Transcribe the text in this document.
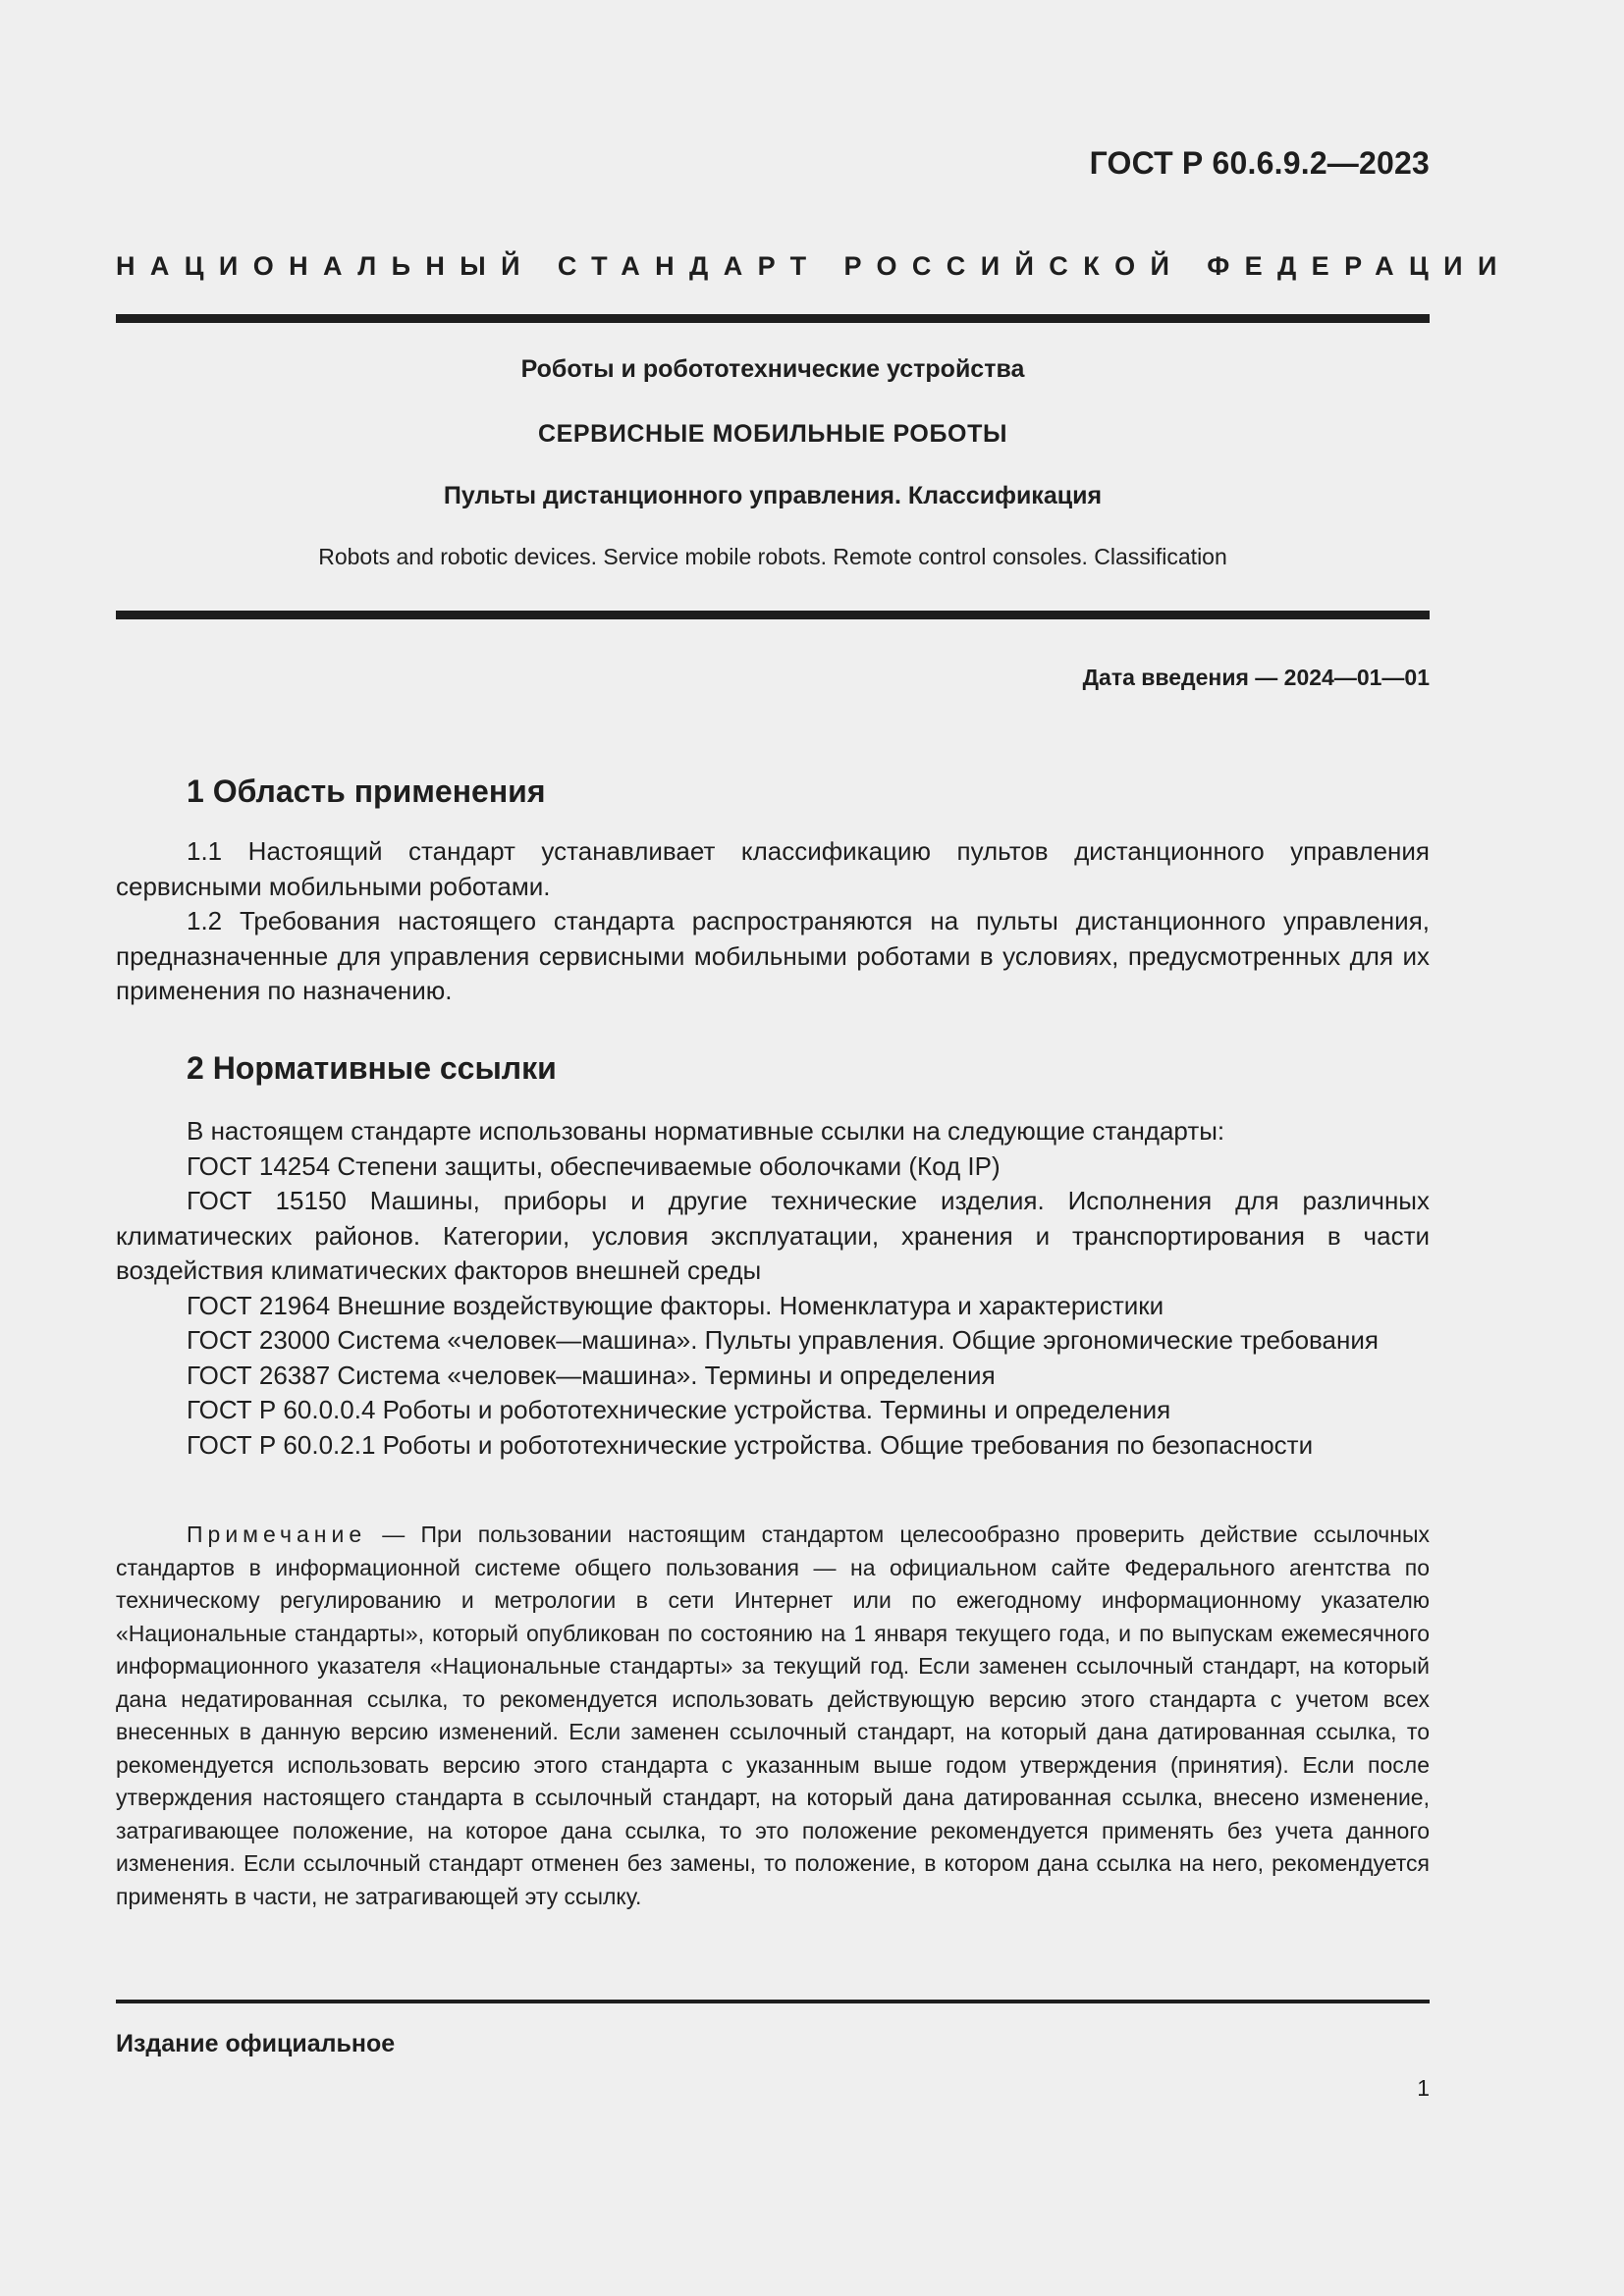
ГОСТ Р 60.6.9.2—2023
НАЦИОНАЛЬНЫЙ СТАНДАРТ РОССИЙСКОЙ ФЕДЕРАЦИИ
Роботы и робототехнические устройства
СЕРВИСНЫЕ МОБИЛЬНЫЕ РОБОТЫ
Пульты дистанционного управления. Классификация
Robots and robotic devices. Service mobile robots. Remote control consoles. Classification
Дата введения — 2024—01—01
1 Область применения

1.1 Настоящий стандарт устанавливает классификацию пультов дистанционного управления сервисными мобильными роботами.

1.2 Требования настоящего стандарта распространяются на пульты дистанционного управления, предназначенные для управления сервисными мобильными роботами в условиях, предусмотренных для их применения по назначению.

2 Нормативные ссылки

В настоящем стандарте использованы нормативные ссылки на следующие стандарты:

ГОСТ 14254 Степени защиты, обеспечиваемые оболочками (Код IP)

ГОСТ 15150 Машины, приборы и другие технические изделия. Исполнения для различных климатических районов. Категории, условия эксплуатации, хранения и транспортирования в части воздействия климатических факторов внешней среды

ГОСТ 21964 Внешние воздействующие факторы. Номенклатура и характеристики

ГОСТ 23000 Система «человек—машина». Пульты управления. Общие эргономические требования

ГОСТ 26387 Система «человек—машина». Термины и определения

ГОСТ Р 60.0.0.4 Роботы и робототехнические устройства. Термины и определения

ГОСТ Р 60.0.2.1 Роботы и робототехнические устройства. Общие требования по безопасности

Примечание — При пользовании настоящим стандартом целесообразно проверить действие ссылочных стандартов в информационной системе общего пользования — на официальном сайте Федерального агентства по техническому регулированию и метрологии в сети Интернет или по ежегодному информационному указателю «Национальные стандарты», который опубликован по состоянию на 1 января текущего года, и по выпускам ежемесячного информационного указателя «Национальные стандарты» за текущий год. Если заменен ссылочный стандарт, на который дана недатированная ссылка, то рекомендуется использовать действующую версию этого стандарта с учетом всех внесенных в данную версию изменений. Если заменен ссылочный стандарт, на который дана датированная ссылка, то рекомендуется использовать версию этого стандарта с указанным выше годом утверждения (принятия). Если после утверждения настоящего стандарта в ссылочный стандарт, на который дана датированная ссылка, внесено изменение, затрагивающее положение, на которое дана ссылка, то это положение рекомендуется применять без учета данного изменения. Если ссылочный стандарт отменен без замены, то положение, в котором дана ссылка на него, рекомендуется применять в части, не затрагивающей эту ссылку.
Издание официальное
1
